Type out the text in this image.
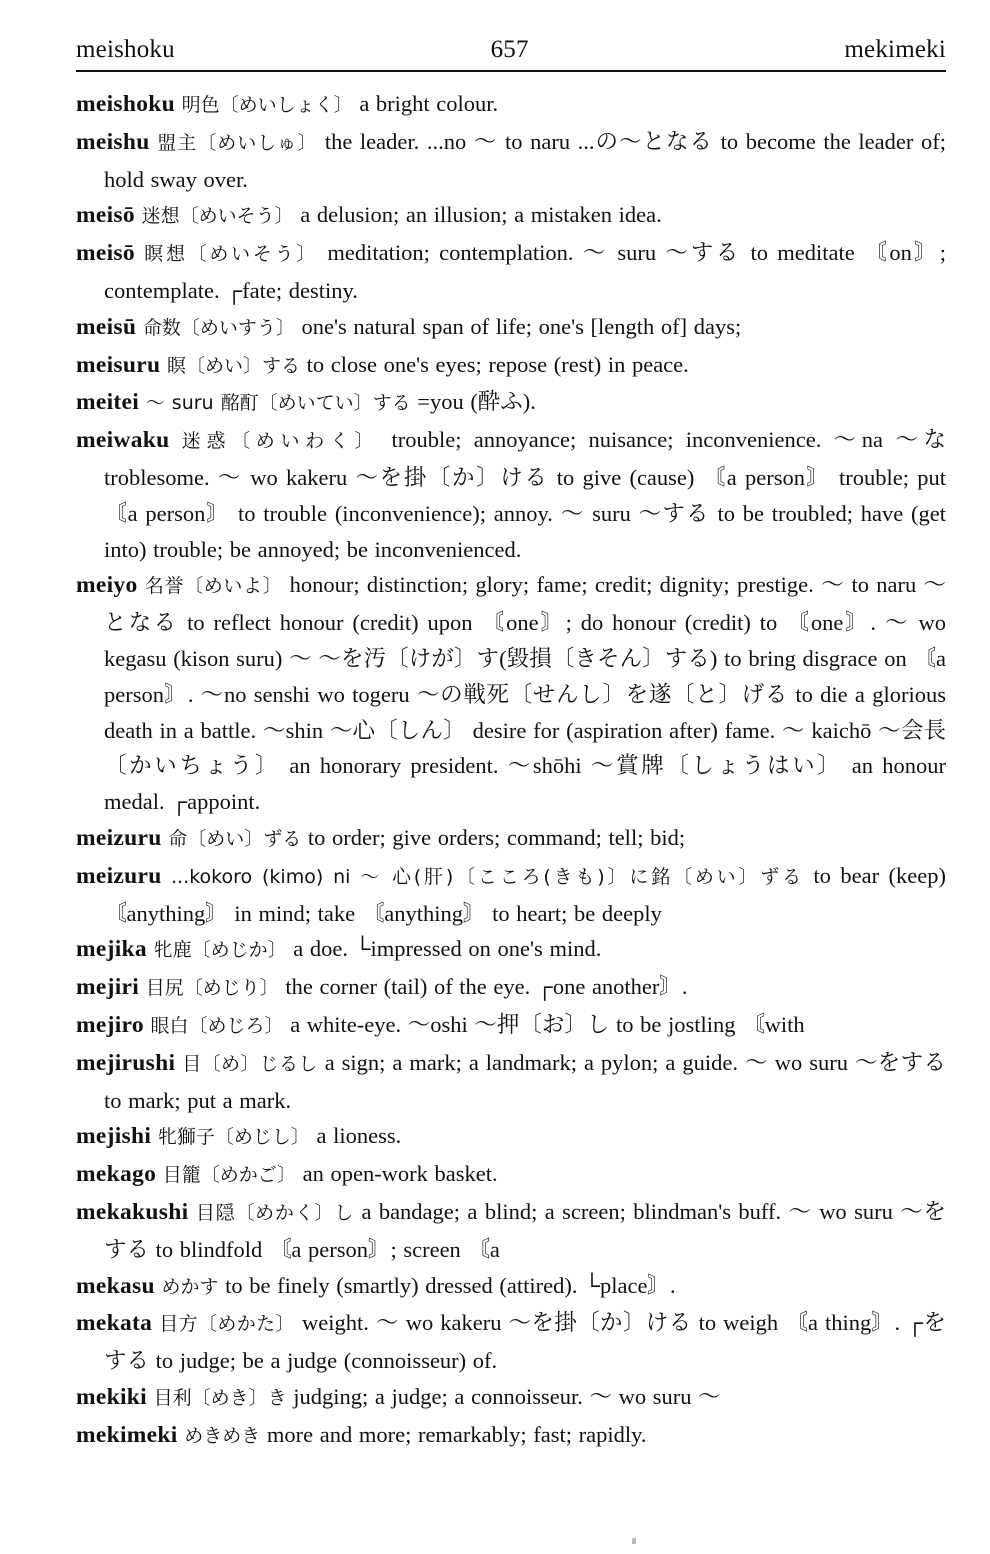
meishoku	657	mekimeki
meishoku 明色〔めいしょく〕 a bright colour.
meishu 盟主〔めいしゅ〕 the leader. ...no ～ to naru ...の～となる to become the leader of; hold sway over.
meisō 迷想〔めいそう〕 a delusion; an illusion; a mistaken idea.
meisō 瞑想〔めいそう〕 meditation; contemplation. ～ suru ～する to meditate 〘on〙; contemplate. ┌fate; destiny.
meisū 命数〔めいすう〕 one's natural span of life; one's [length of] days;
meisuru 瞑〔めい〕する to close one's eyes; repose (rest) in peace.
meitei ～ suru 酩酊〔めいてい〕する =you (酔ふ).
meiwaku 迷惑〔めいわく〕 trouble; annoyance; nuisance; inconvenience. ～na ～な troblesome. ～ wo kakeru ～を掛〔か〕ける to give (cause) 〘a person〙 trouble; put 〘a person〙 to trouble (inconvenience); annoy. ～ suru ～する to be troubled; have (get into) trouble; be annoyed; be inconvenienced.
meiyo 名誉〔めいよ〕 honour; distinction; glory; fame; credit; dignity; prestige. ～ to naru ～となる to reflect honour (credit) upon 〘one〙; do honour (credit) to 〘one〙. ～ wo kegasu (kison suru) ～ ～を汚〔けが〕す(毀損〔きそん〕する) to bring disgrace on 〘a person〙. ～no senshi wo togeru ～の戦死〔せんし〕を遂〔と〕げる to die a glorious death in a battle. ～shin ～心〔しん〕 desire for (aspiration after) fame. ～ kaichō ～会長〔かいちょう〕 an honorary president. ～shōhi ～賞牌〔しょうはい〕 an honour medal. ┌appoint.
meizuru 命〔めい〕ずる to order; give orders; command; tell; bid;
meizuru ...kokoro (kimo) ni ～ 心(肝)〔こころ(きも)〕に銘〔めい〕ずる to bear (keep) 〘anything〙 in mind; take 〘anything〙 to heart; be deeply
mejika 牝鹿〔めじか〕 a doe. └impressed on one's mind.
mejiri 目尻〔めじり〕 the corner (tail) of the eye. ┌one another〙.
mejiro 眼白〔めじろ〕 a white-eye. ～oshi ～押〔お〕し to be jostling 〘with
mejirushi 目〔め〕じるし a sign; a mark; a landmark; a pylon; a guide. ～ wo suru ～をする to mark; put a mark.
mejishi 牝獅子〔めじし〕 a lioness.
mekago 目籠〔めかご〕 an open-work basket.
mekakushi 目隠〔めかく〕し a bandage; a blind; a screen; blindman's buff. ～ wo suru ～をする to blindfold 〘a person〙; screen 〘a
mekasu めかす to be finely (smartly) dressed (attired). └place〙.
mekata 目方〔めかた〕 weight. ～ wo kakeru ～を掛〔か〕ける to weigh 〘a thing〙. ┌をする to judge; be a judge (connoisseur) of.
mekiki 目利〔めき〕き judging; a judge; a connoisseur. ～ wo suru ～
mekimeki めきめき more and more; remarkably; fast; rapidly.
